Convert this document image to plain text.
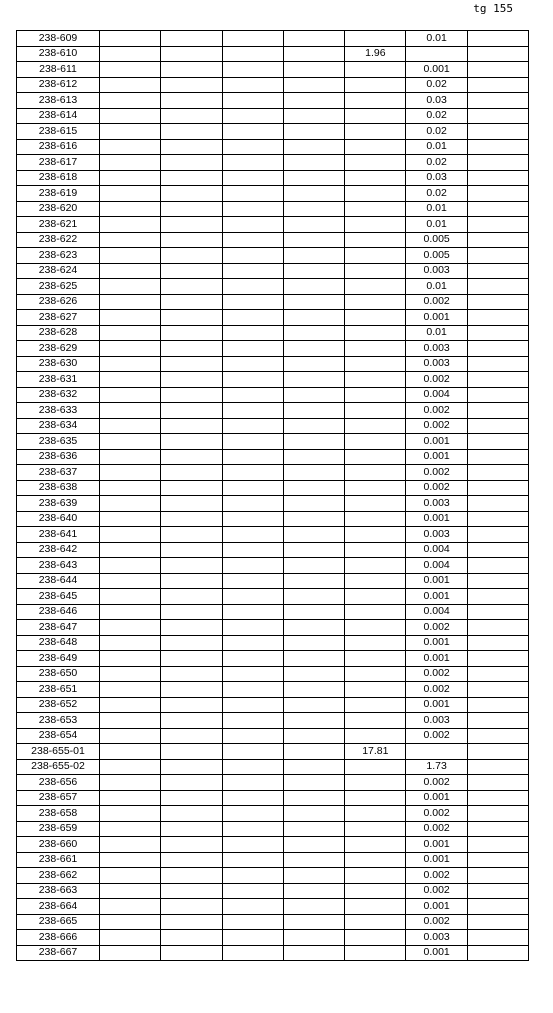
tg 155
238-609						0.01	
238-610					1.96		
238-611						0.001	
238-612						0.02	
238-613						0.03	
238-614						0.02	
238-615						0.02	
238-616						0.01	
238-617						0.02	
238-618						0.03	
238-619						0.02	
238-620						0.01	
238-621						0.01	
238-622						0.005	
238-623						0.005	
238-624						0.003	
238-625						0.01	
238-626						0.002	
238-627						0.001	
238-628						0.01	
238-629						0.003	
238-630						0.003	
238-631						0.002	
238-632						0.004	
238-633						0.002	
238-634						0.002	
238-635						0.001	
238-636						0.001	
238-637						0.002	
238-638						0.002	
238-639						0.003	
238-640						0.001	
238-641						0.003	
238-642						0.004	
238-643						0.004	
238-644						0.001	
238-645						0.001	
238-646						0.004	
238-647						0.002	
238-648						0.001	
238-649						0.001	
238-650						0.002	
238-651						0.002	
238-652						0.001	
238-653						0.003	
238-654						0.002	
238-655-01					17.81		
238-655-02						1.73	
238-656						0.002	
238-657						0.001	
238-658						0.002	
238-659						0.002	
238-660						0.001	
238-661						0.001	
238-662						0.002	
238-663						0.002	
238-664						0.001	
238-665						0.002	
238-666						0.003	
238-667						0.001	
